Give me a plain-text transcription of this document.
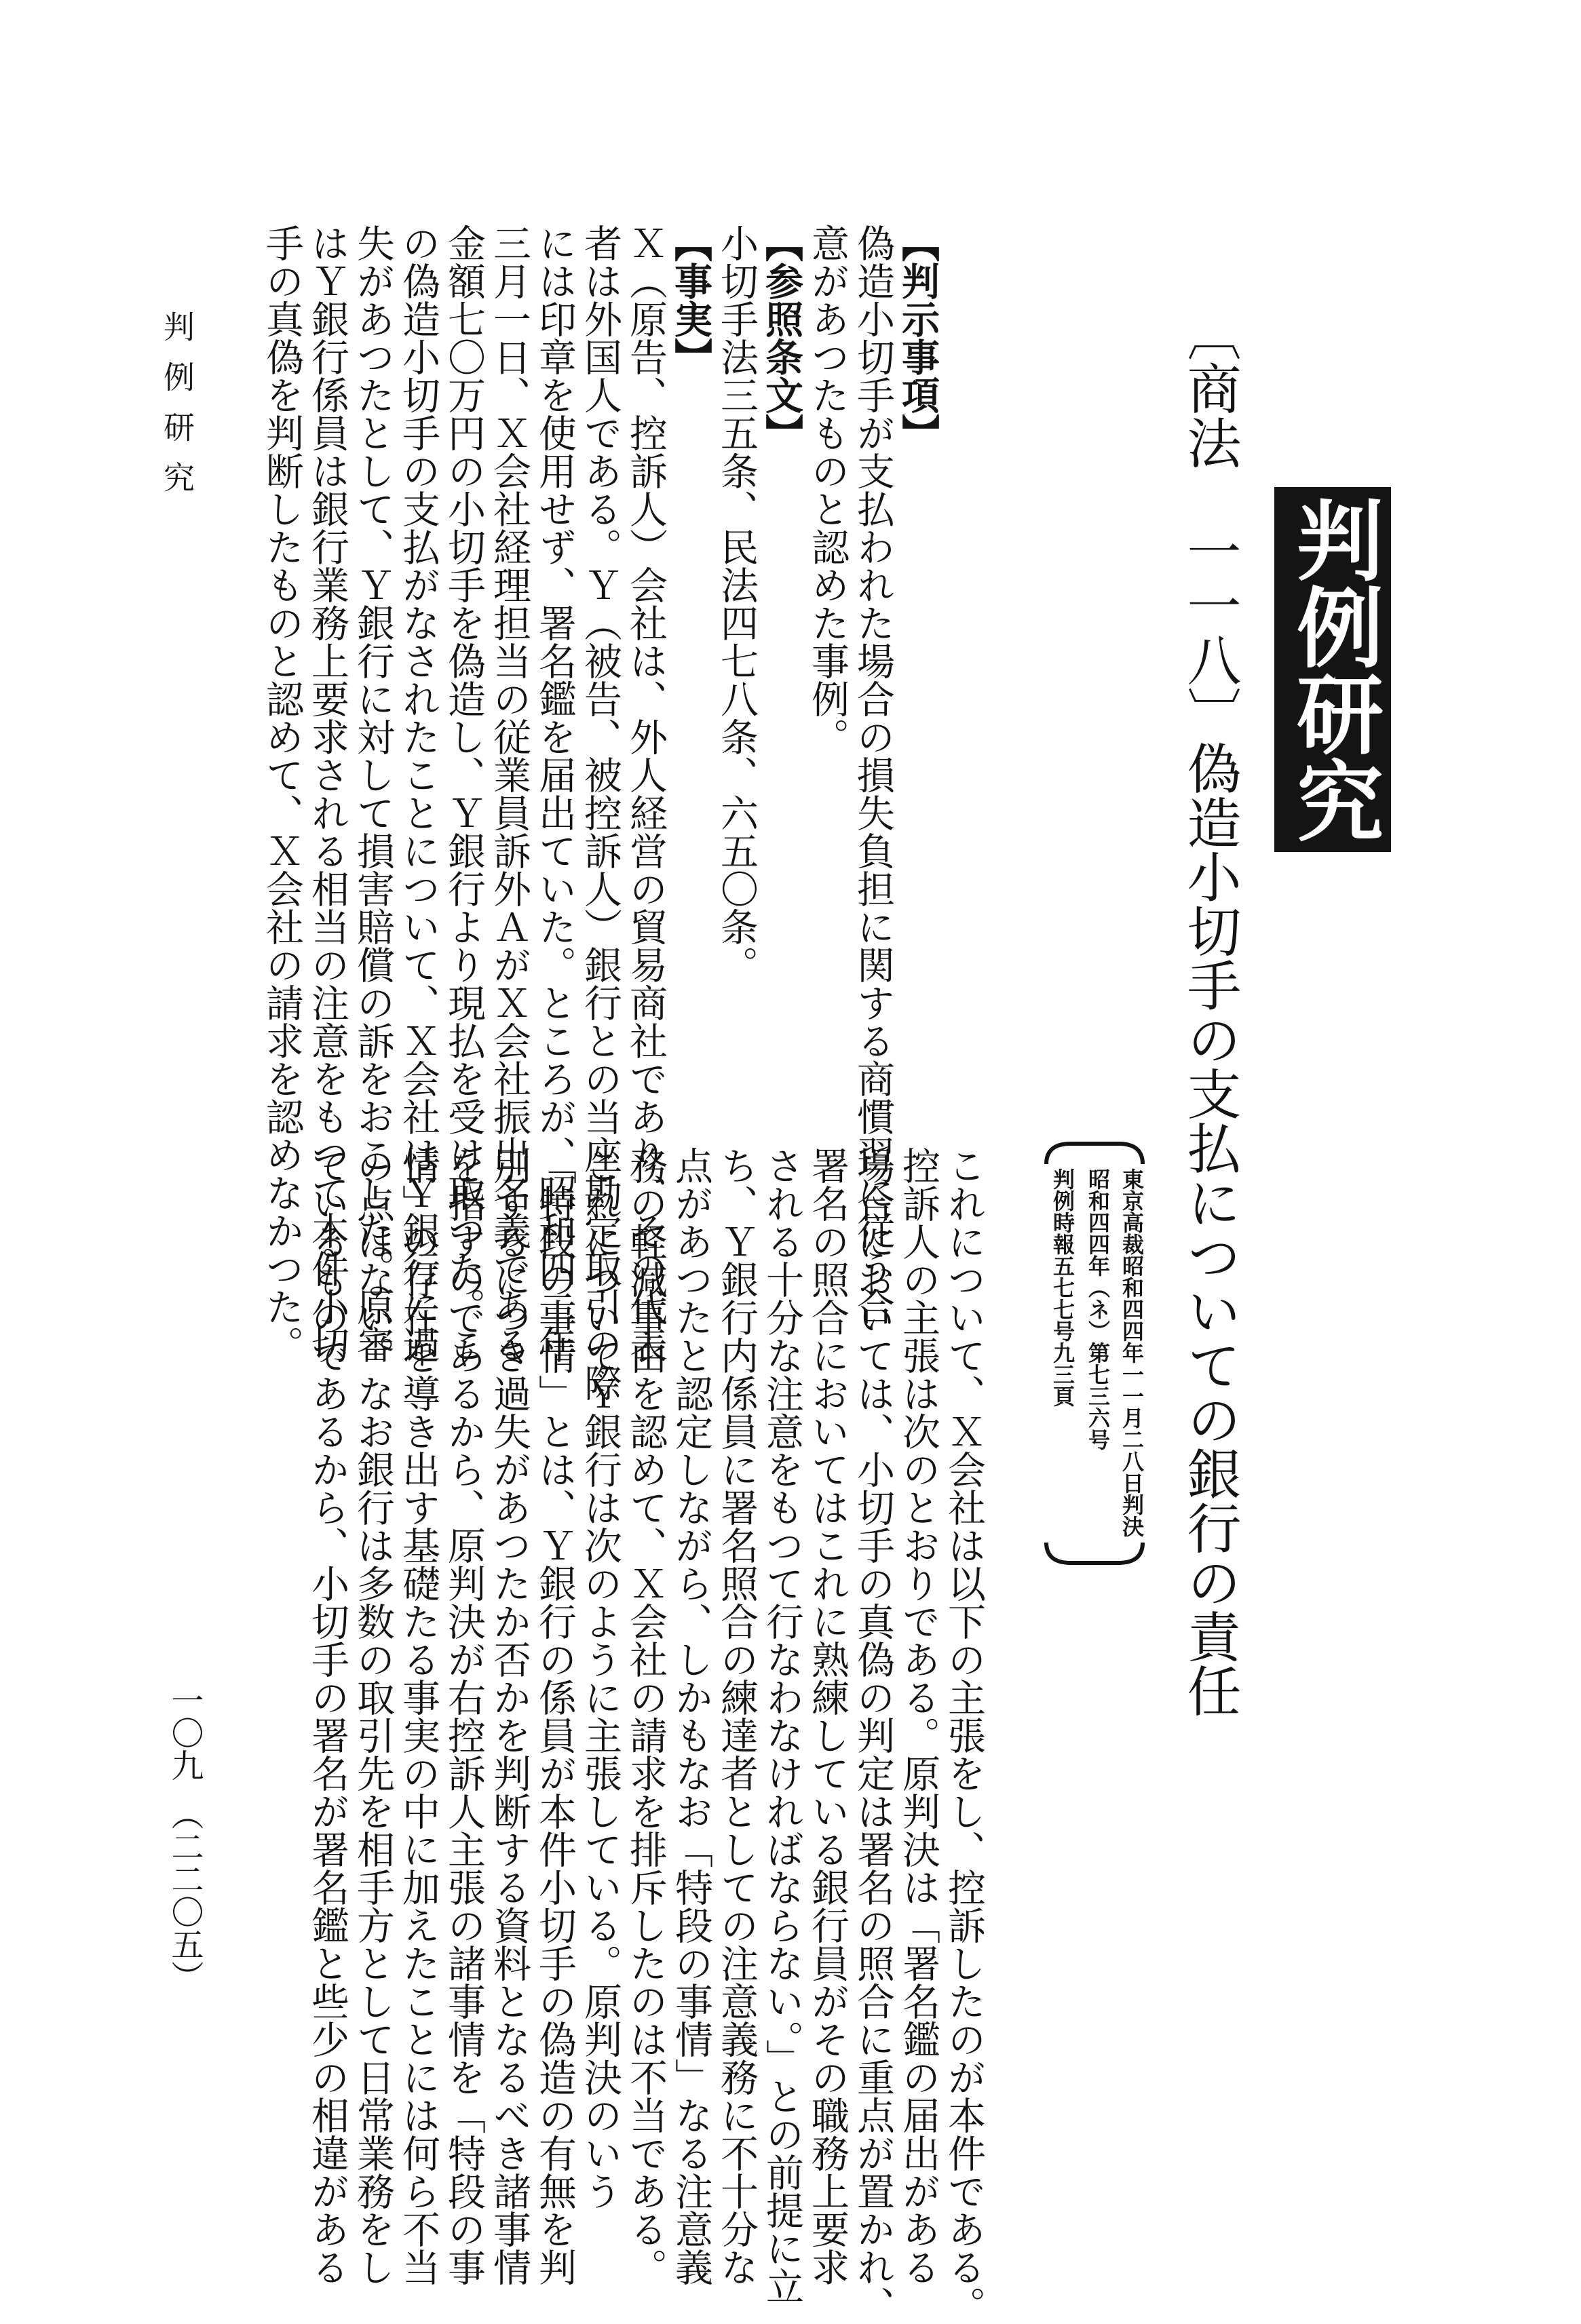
判例研究
〔商法　一一八〕偽造小切手の支払についての銀行の責任
東京高裁昭和四四年一一月二八日判決
昭和四四年（ネ）第七三六号
判例時報五七七号九三頁
【判示事項】
偽造小切手が支払われた場合の損失負担に関する商慣習に従う合
意があつたものと認めた事例。
【参照条文】
小切手法三五条、民法四七八条、六五〇条。
【事実】
Ｘ（原告、控訴人）会社は、外人経営の貿易商社であり、その代表
者は外国人である。Ｙ（被告、被控訴人）銀行との当座勘定取引の際
には印章を使用せず、署名鑑を届出ていた。ところが、昭和四二年
三月一日、Ｘ会社経理担当の従業員訴外ＡがＸ会社振出名義である
金額七〇万円の小切手を偽造し、Ｙ銀行より現払を受け取つた。こ
の偽造小切手の支払がなされたことについて、Ｘ会社はＹ銀行に過
失があつたとして、Ｙ銀行に対して損害賠償の訴をおこした。原審
はＹ銀行係員は銀行業務上要求される相当の注意をもつて本件小切
手の真偽を判断したものと認めて、Ｘ会社の請求を認めなかつた。
これについて、Ｘ会社は以下の主張をし、控訴したのが本件である。
控訴人の主張は次のとおりである。原判決は「署名鑑の届出がある
場合においては、小切手の真偽の判定は署名の照合に重点が置かれ、
署名の照合においてはこれに熟練している銀行員がその職務上要求
される十分な注意をもつて行なわなければならない。」との前提に立
ち、Ｙ銀行内係員に署名照合の練達者としての注意義務に不十分な
点があつたと認定しながら、しかもなお「特段の事情」なる注意義
務の軽減事由を認めて、Ｘ会社の請求を排斥したのは不当である。
これについてＹ銀行は次のように主張している。原判決のいう
「特段の事情」とは、Ｙ銀行の係員が本件小切手の偽造の有無を判
別するにつき過失があつたか否かを判断する資料となるべき諸事情
を指すのであるから、原判決が右控訴人主張の諸事情を「特段の事
情」の存在を導き出す基礎たる事実の中に加えたことには何ら不当
の点はない。なお銀行は多数の取引先を相手方として日常業務をし
ているものであるから、小切手の署名が署名鑑と些少の相違がある
判例研究
一〇九　（二二〇五）
